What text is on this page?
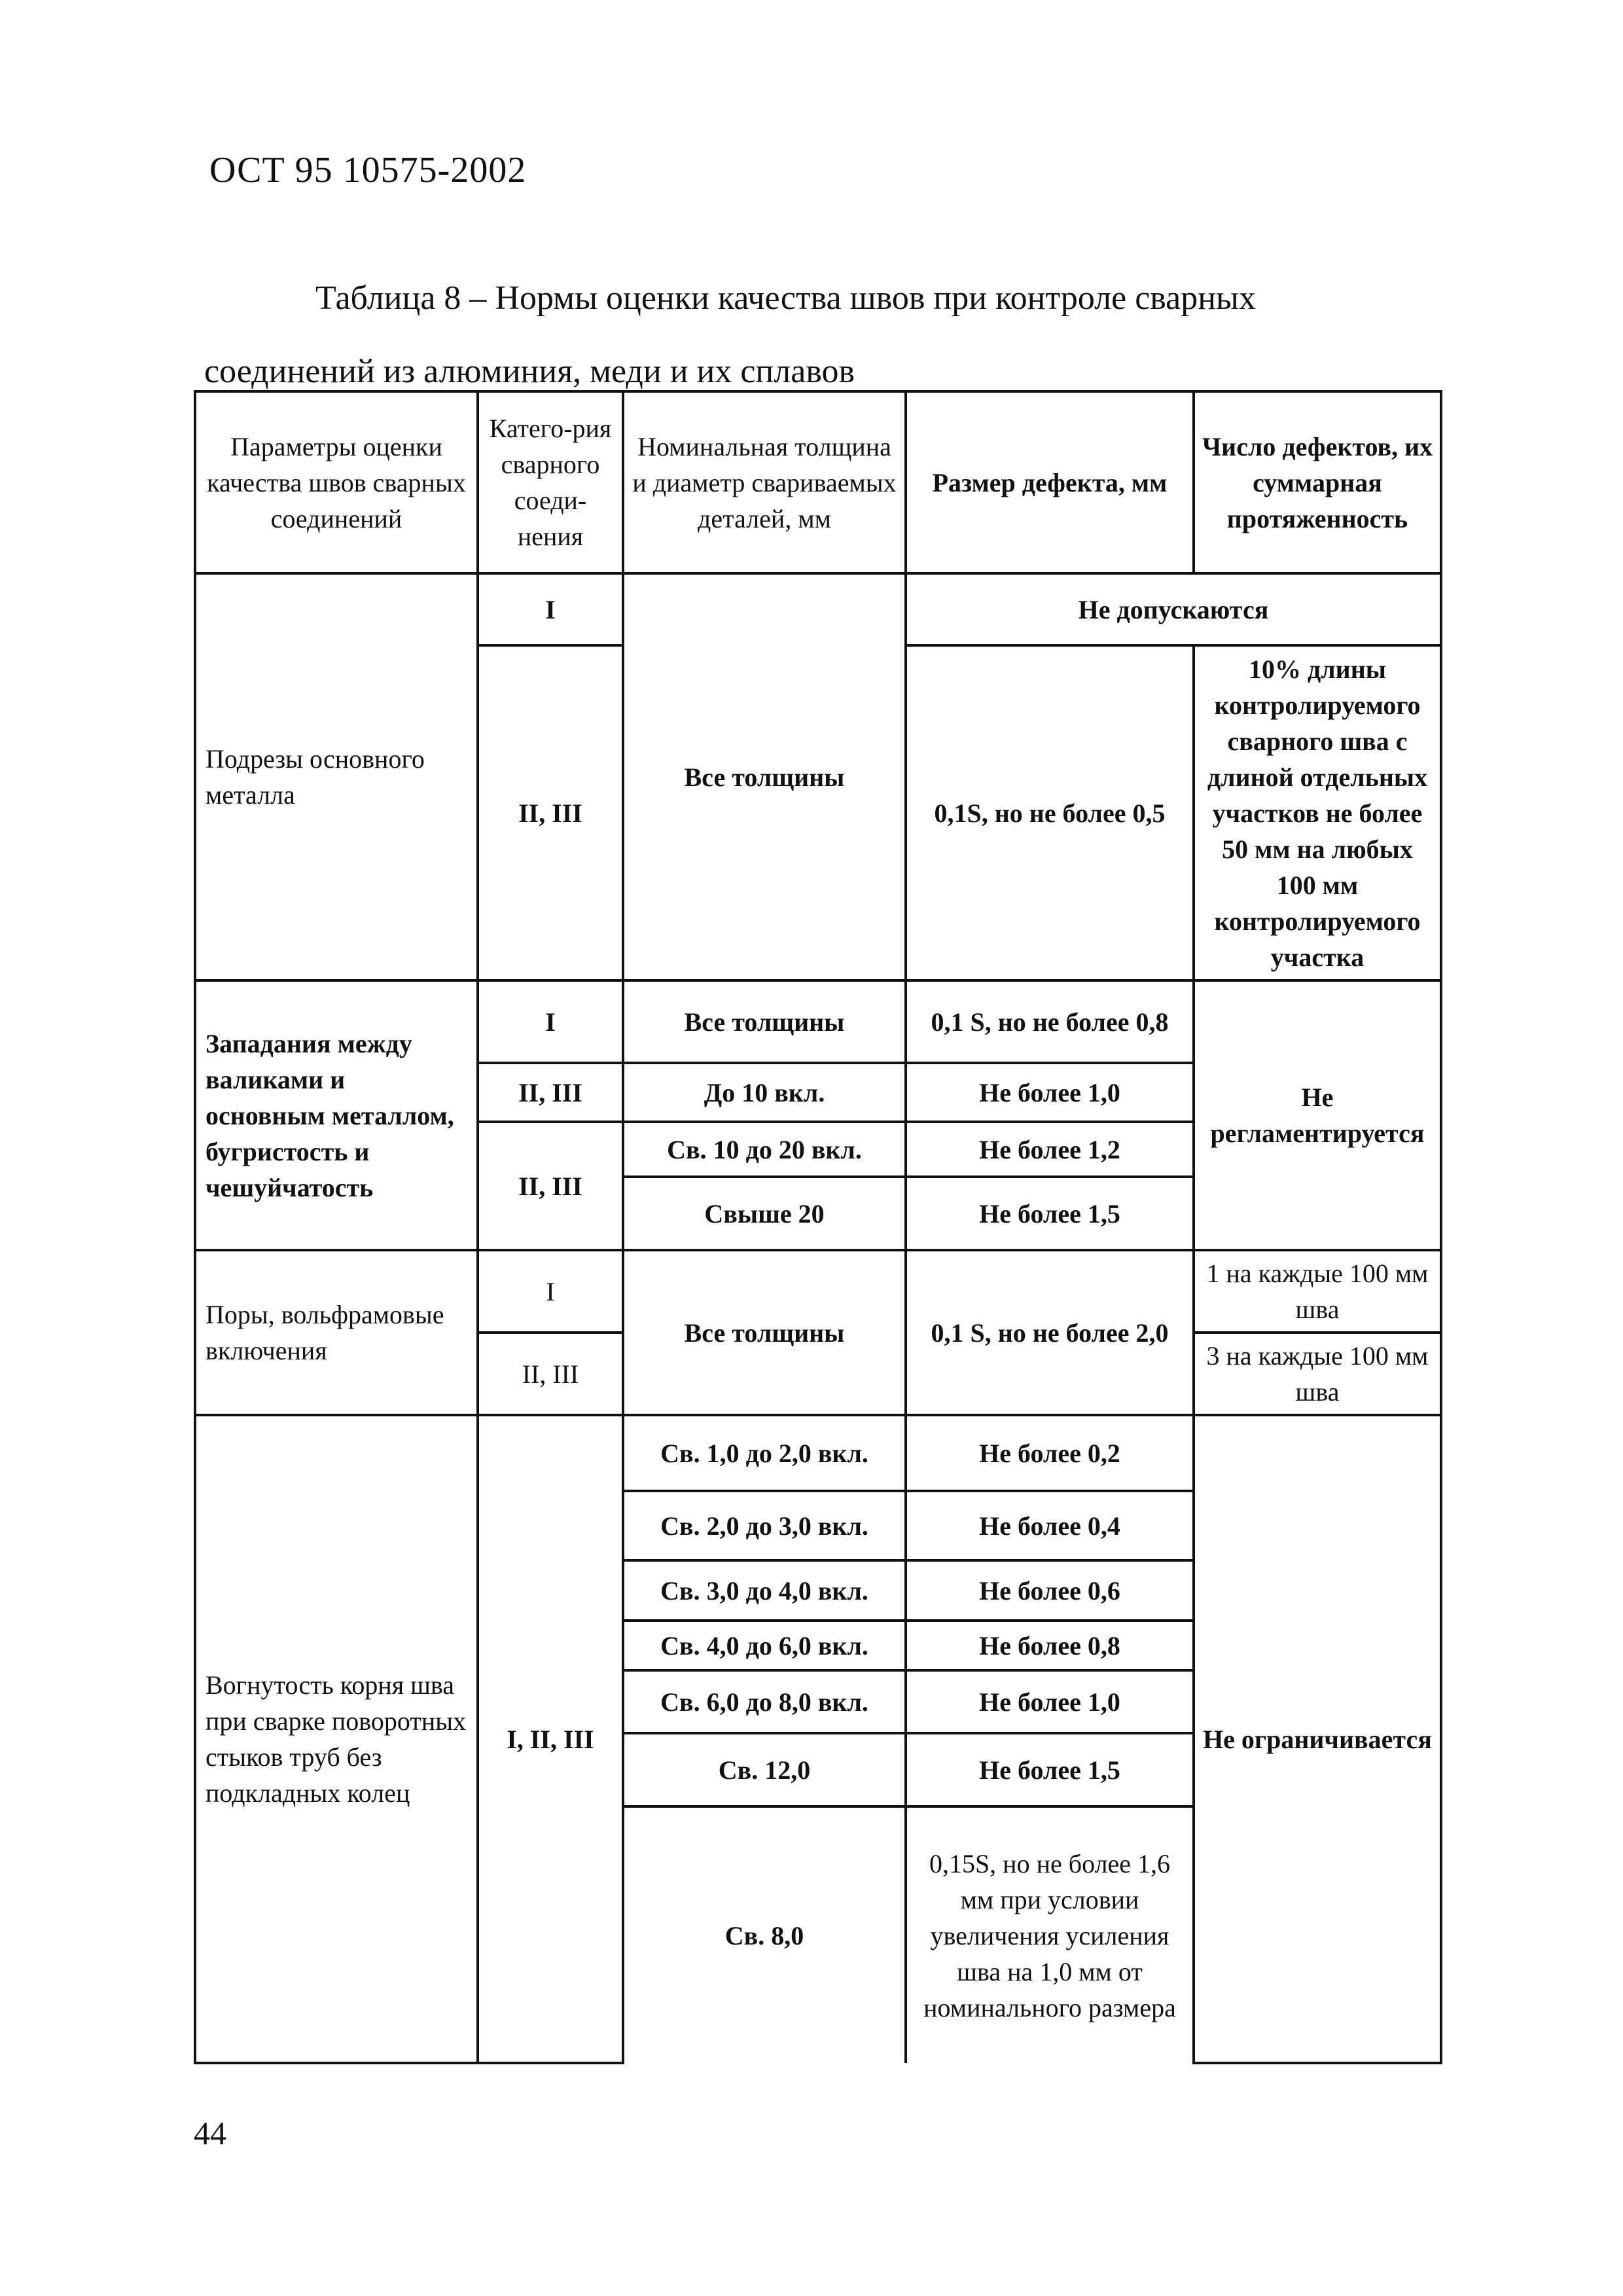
ОСТ 95 10575-2002
Таблица 8 – Нормы оценки качества швов при контроле сварных соединений из алюминия, меди и их сплавов
Параметры оценки качества швов сварных соединений	Катего-рия сварного соеди-нения	Номинальная толщина и диаметр свариваемых деталей, мм	Размер дефекта, мм	Число дефектов, их суммарная протяженность
Подрезы основного металла	I	Все толщины	Не допускаются	
	II, III		0,1S, но не более 0,5	10% длины контролируемого сварного шва с длиной отдельных участков не более 50 мм на любых 100 мм контролируемого участка
Западания между валиками и основным металлом, бугристость и чешуйчатость	I	Все толщины	0,1 S, но не более 0,8	Не регламентируется
	II, III	До 10 вкл.	Не более 1,0	
	II, III	Св. 10 до 20 вкл.	Не более 1,2	
		Свыше 20	Не более 1,5	
Поры, вольфрамовые включения	I	Все толщины	0,1 S, но не более 2,0	1 на каждые 100 мм шва
	II, III			3 на каждые 100 мм шва
Вогнутость корня шва при сварке поворотных стыков труб без подкладных колец	I, II, III	Св. 1,0 до 2,0 вкл.	Не более 0,2	Не ограничивается
		Св. 2,0 до 3,0 вкл.	Не более 0,4	
		Св. 3,0 до 4,0 вкл.	Не более 0,6	
		Св. 4,0 до 6,0 вкл.	Не более 0,8	
		Св. 6,0 до 8,0 вкл.	Не более 1,0	
		Св. 12,0	Не более 1,5	
		Св. 8,0	0,15S, но не более 1,6 мм при условии увеличения усиления шва на 1,0 мм от номинального размера	
44
